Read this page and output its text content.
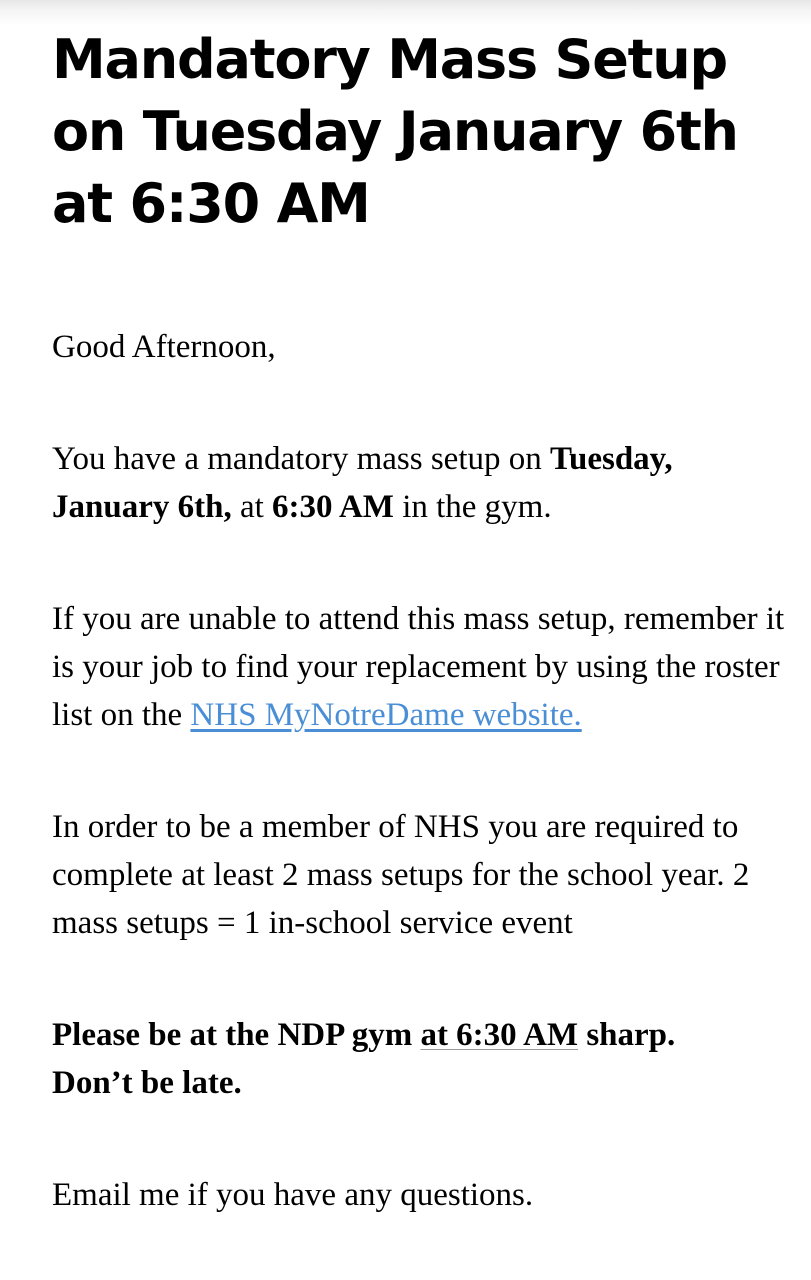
Mandatory Mass Setup
on Tuesday January 6th
at 6:30 AM

Good Afternoon,

You have a mandatory mass setup on Tuesday,
January 6th, at 6:30 AM in the gym.

If you are unable to attend this mass setup, remember it is your job to find your replacement by using the roster list on the NHS MyNotreDame website.

In order to be a member of NHS you are required to complete at least 2 mass setups for the school year. 2 mass setups = 1 in-school service event

Please be at the NDP gym at 6:30 AM sharp.
Don’t be late.

Email me if you have any questions.
